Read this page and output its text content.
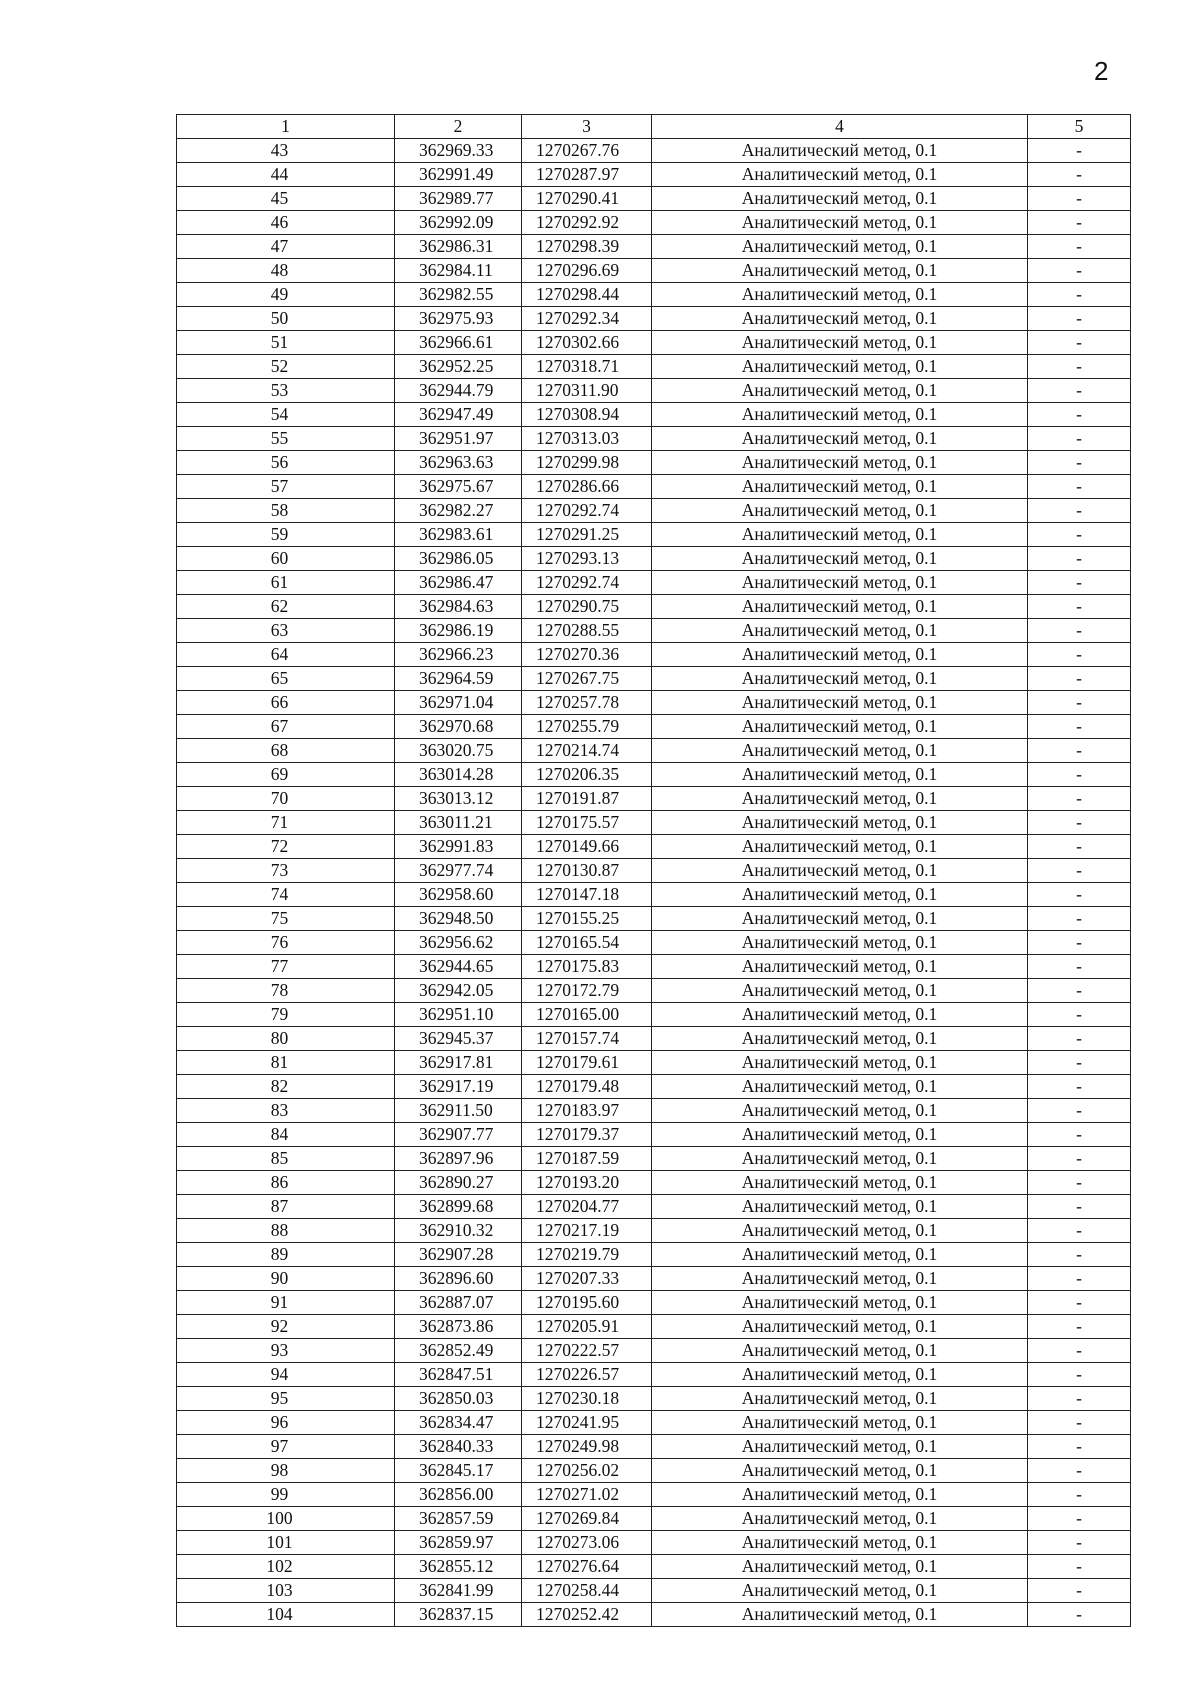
2
1	2	3	4	5
43	362969.33	1270267.76	Аналитический метод, 0.1	-
44	362991.49	1270287.97	Аналитический метод, 0.1	-
45	362989.77	1270290.41	Аналитический метод, 0.1	-
46	362992.09	1270292.92	Аналитический метод, 0.1	-
47	362986.31	1270298.39	Аналитический метод, 0.1	-
48	362984.11	1270296.69	Аналитический метод, 0.1	-
49	362982.55	1270298.44	Аналитический метод, 0.1	-
50	362975.93	1270292.34	Аналитический метод, 0.1	-
51	362966.61	1270302.66	Аналитический метод, 0.1	-
52	362952.25	1270318.71	Аналитический метод, 0.1	-
53	362944.79	1270311.90	Аналитический метод, 0.1	-
54	362947.49	1270308.94	Аналитический метод, 0.1	-
55	362951.97	1270313.03	Аналитический метод, 0.1	-
56	362963.63	1270299.98	Аналитический метод, 0.1	-
57	362975.67	1270286.66	Аналитический метод, 0.1	-
58	362982.27	1270292.74	Аналитический метод, 0.1	-
59	362983.61	1270291.25	Аналитический метод, 0.1	-
60	362986.05	1270293.13	Аналитический метод, 0.1	-
61	362986.47	1270292.74	Аналитический метод, 0.1	-
62	362984.63	1270290.75	Аналитический метод, 0.1	-
63	362986.19	1270288.55	Аналитический метод, 0.1	-
64	362966.23	1270270.36	Аналитический метод, 0.1	-
65	362964.59	1270267.75	Аналитический метод, 0.1	-
66	362971.04	1270257.78	Аналитический метод, 0.1	-
67	362970.68	1270255.79	Аналитический метод, 0.1	-
68	363020.75	1270214.74	Аналитический метод, 0.1	-
69	363014.28	1270206.35	Аналитический метод, 0.1	-
70	363013.12	1270191.87	Аналитический метод, 0.1	-
71	363011.21	1270175.57	Аналитический метод, 0.1	-
72	362991.83	1270149.66	Аналитический метод, 0.1	-
73	362977.74	1270130.87	Аналитический метод, 0.1	-
74	362958.60	1270147.18	Аналитический метод, 0.1	-
75	362948.50	1270155.25	Аналитический метод, 0.1	-
76	362956.62	1270165.54	Аналитический метод, 0.1	-
77	362944.65	1270175.83	Аналитический метод, 0.1	-
78	362942.05	1270172.79	Аналитический метод, 0.1	-
79	362951.10	1270165.00	Аналитический метод, 0.1	-
80	362945.37	1270157.74	Аналитический метод, 0.1	-
81	362917.81	1270179.61	Аналитический метод, 0.1	-
82	362917.19	1270179.48	Аналитический метод, 0.1	-
83	362911.50	1270183.97	Аналитический метод, 0.1	-
84	362907.77	1270179.37	Аналитический метод, 0.1	-
85	362897.96	1270187.59	Аналитический метод, 0.1	-
86	362890.27	1270193.20	Аналитический метод, 0.1	-
87	362899.68	1270204.77	Аналитический метод, 0.1	-
88	362910.32	1270217.19	Аналитический метод, 0.1	-
89	362907.28	1270219.79	Аналитический метод, 0.1	-
90	362896.60	1270207.33	Аналитический метод, 0.1	-
91	362887.07	1270195.60	Аналитический метод, 0.1	-
92	362873.86	1270205.91	Аналитический метод, 0.1	-
93	362852.49	1270222.57	Аналитический метод, 0.1	-
94	362847.51	1270226.57	Аналитический метод, 0.1	-
95	362850.03	1270230.18	Аналитический метод, 0.1	-
96	362834.47	1270241.95	Аналитический метод, 0.1	-
97	362840.33	1270249.98	Аналитический метод, 0.1	-
98	362845.17	1270256.02	Аналитический метод, 0.1	-
99	362856.00	1270271.02	Аналитический метод, 0.1	-
100	362857.59	1270269.84	Аналитический метод, 0.1	-
101	362859.97	1270273.06	Аналитический метод, 0.1	-
102	362855.12	1270276.64	Аналитический метод, 0.1	-
103	362841.99	1270258.44	Аналитический метод, 0.1	-
104	362837.15	1270252.42	Аналитический метод, 0.1	-
